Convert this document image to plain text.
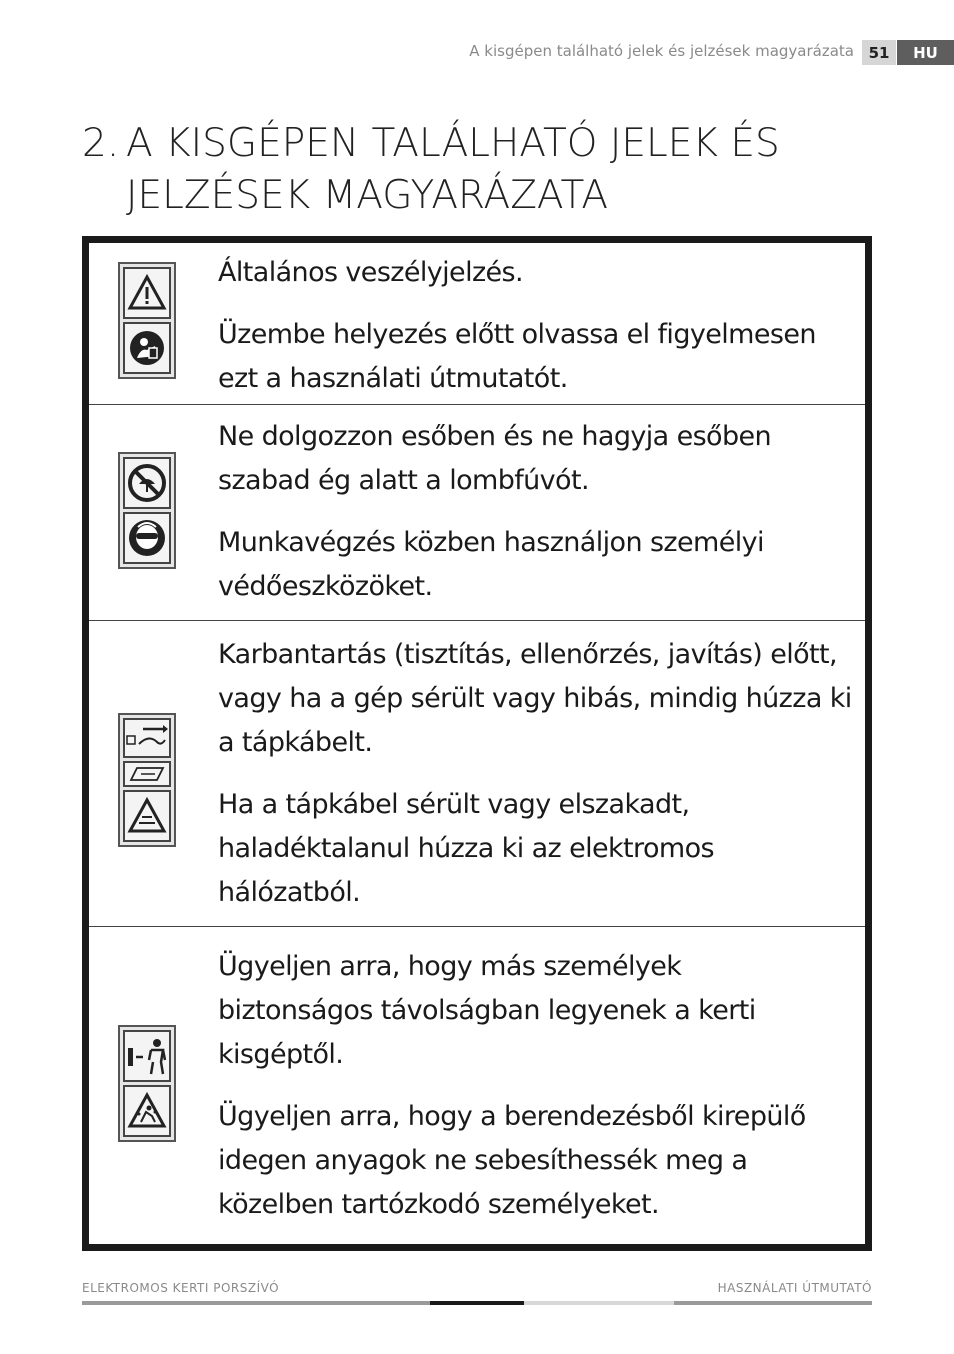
A kisgépen található jelek és jelzések magyarázata 51	HU
2. A KISGÉPEN TALÁLHATÓ JELEK ÉS
JELZÉSEK MAGYARÁZATA

Általános veszélyjelzés.

Üzembe helyezés előtt olvassa el figyelmesen ezt a használati útmutatót.

Ne dolgozzon esőben és ne hagyja esőben szabad ég alatt a lombfúvót.

Munkavégzés közben használjon személyi védőeszközöket.

Karbantartás (tisztítás, ellenőrzés, javítás) előtt, vagy ha a gép sérült vagy hibás, mindig húzza ki a tápkábelt.

Ha a tápkábel sérült vagy elszakadt, haladéktalanul húzza ki az elektromos hálózatból.

Ügyeljen arra, hogy más személyek biztonságos távolságban legyenek a kerti kisgéptől.

Ügyeljen arra, hogy a berendezésből kirepülő idegen anyagok ne sebesíthessék meg a közelben tartózkodó személyeket.

ELEKTROMOS KERTI PORSZÍVÓ	HASZNÁLATI ÚTMUTATÓ
